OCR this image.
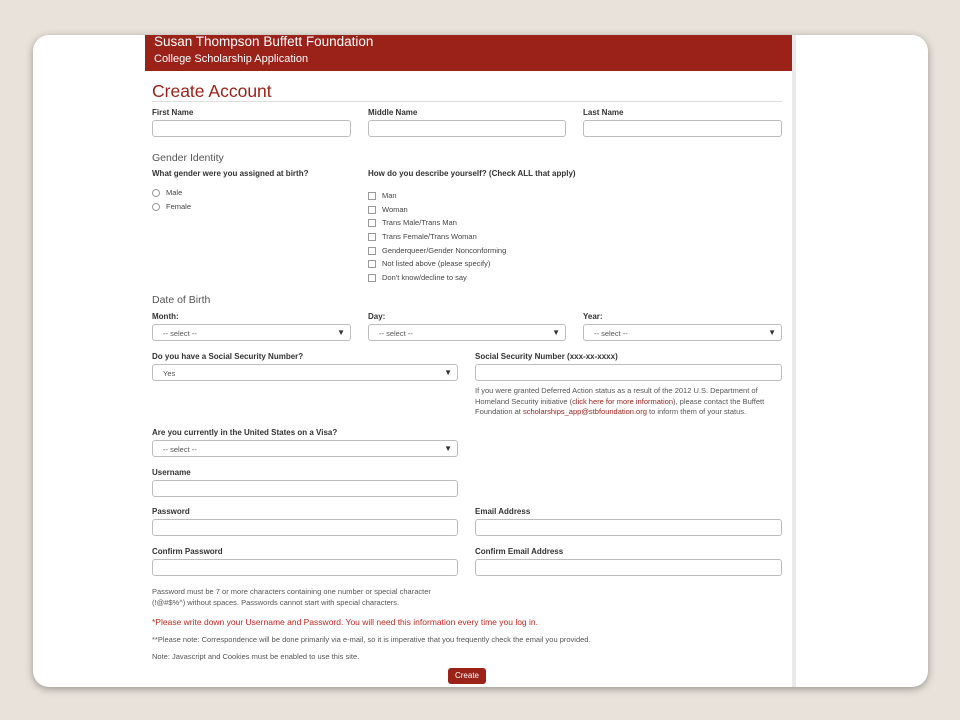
Susan Thompson Buffett Foundation
College Scholarship Application
Create Account
First Name	Middle Name	Last Name
Gender Identity
What gender were you assigned at birth?
Male
Female
How do you describe yourself? (Check ALL that apply)
Man
Woman
Trans Male/Trans Man
Trans Female/Trans Woman
Genderqueer/Gender Nonconforming
Not listed above (please specify)
Don't know/decline to say
Date of Birth
Month:
-- select --	▼
Day:
-- select --	▼
Year:
-- select --	▼
Do you have a Social Security Number?
Yes	▼
Social Security Number (xxx-xx-xxxx)
If you were granted Deferred Action status as a result of the 2012 U.S. Department of Homeland Security initiative (click here for more information), please contact the Buffett Foundation at scholarships_app@stbfoundation.org to inform them of your status.
Are you currently in the United States on a Visa?
-- select --	▼
Username
Password	Email Address
Confirm Password	Confirm Email Address
Password must be 7 or more characters containing one number or special character (!@#$%^) without spaces. Passwords cannot start with special characters.
*Please write down your Username and Password. You will need this information every time you log in.
**Please note: Correspondence will be done primarily via e-mail, so it is imperative that you frequently check the email you provided.
Note: Javascript and Cookies must be enabled to use this site.
Create
